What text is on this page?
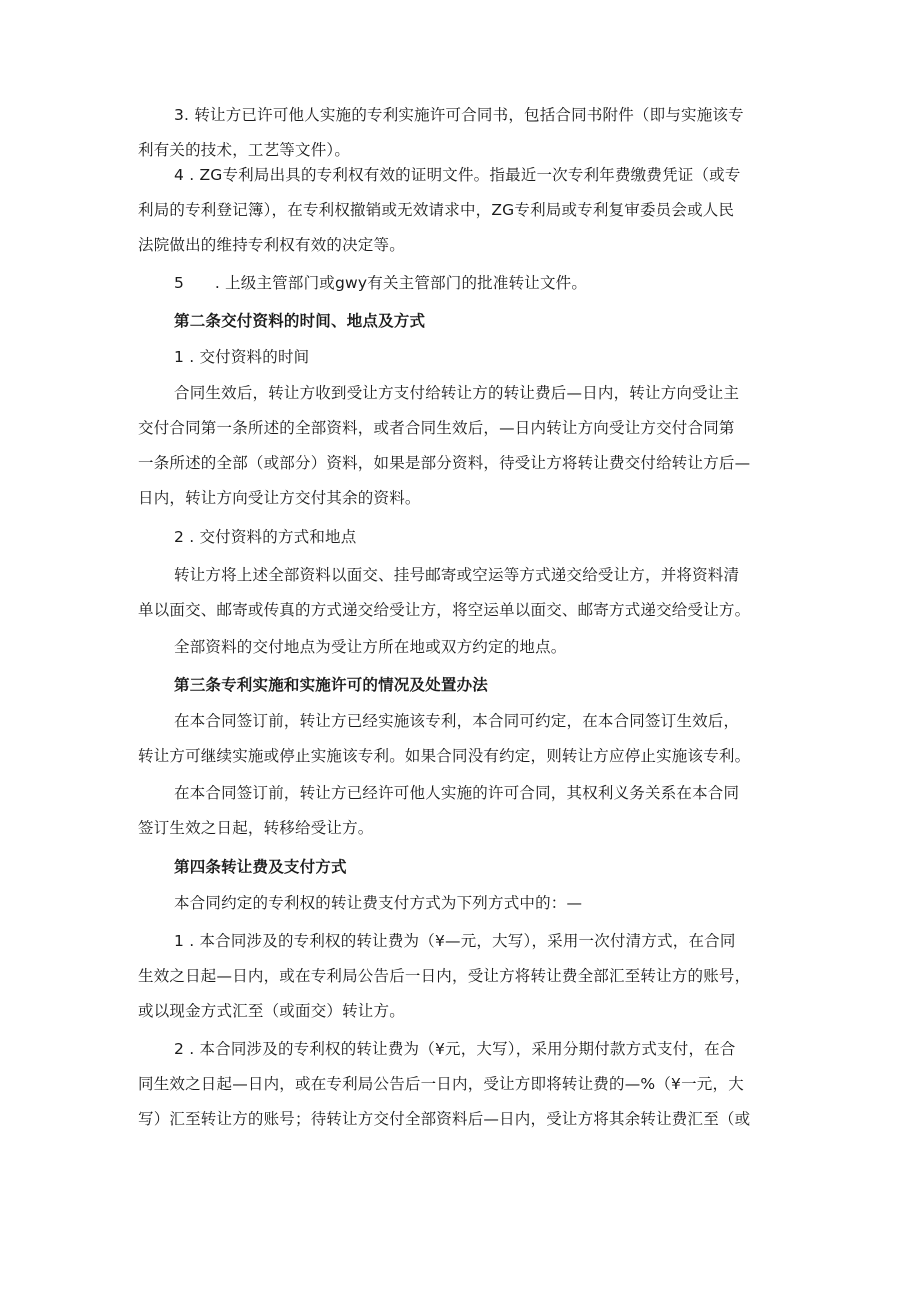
3. 转让方已许可他人实施的专利实施许可合同书，包括合同书附件（即与实施该专
利有关的技术，工艺等文件）。
4 . ZG专利局出具的专利权有效的证明文件。指最近一次专利年费缴费凭证（或专
利局的专利登记簿），在专利权撤销或无效请求中，ZG专利局或专利复审委员会或人民
法院做出的维持专利权有效的决定等。
5      . 上级主管部门或gwy有关主管部门的批准转让文件。
第二条交付资料的时间、地点及方式
1 . 交付资料的时间
合同生效后，转让方收到受让方支付给转让方的转让费后—日内，转让方向受让主
交付合同第一条所述的全部资料，或者合同生效后，—日内转让方向受让方交付合同第
一条所述的全部（或部分）资料，如果是部分资料，待受让方将转让费交付给转让方后—
日内，转让方向受让方交付其余的资料。
2 . 交付资料的方式和地点
转让方将上述全部资料以面交、挂号邮寄或空运等方式递交给受让方，并将资料清
单以面交、邮寄或传真的方式递交给受让方，将空运单以面交、邮寄方式递交给受让方。
全部资料的交付地点为受让方所在地或双方约定的地点。
第三条专利实施和实施许可的情况及处置办法
在本合同签订前，转让方已经实施该专利，本合同可约定，在本合同签订生效后，
转让方可继续实施或停止实施该专利。如果合同没有约定，则转让方应停止实施该专利。
在本合同签订前，转让方已经许可他人实施的许可合同，其权利义务关系在本合同
签订生效之日起，转移给受让方。
第四条转让费及支付方式
本合同约定的专利权的转让费支付方式为下列方式中的：—
1 . 本合同涉及的专利权的转让费为（¥—元，大写），采用一次付清方式，在合同
生效之日起—日内，或在专利局公告后一日内，受让方将转让费全部汇至转让方的账号，
或以现金方式汇至（或面交）转让方。
2 . 本合同涉及的专利权的转让费为（¥元，大写），采用分期付款方式支付，在合
同生效之日起—日内，或在专利局公告后一日内，受让方即将转让费的—%（¥一元，大
写）汇至转让方的账号；待转让方交付全部资料后—日内，受让方将其余转让费汇至（或
